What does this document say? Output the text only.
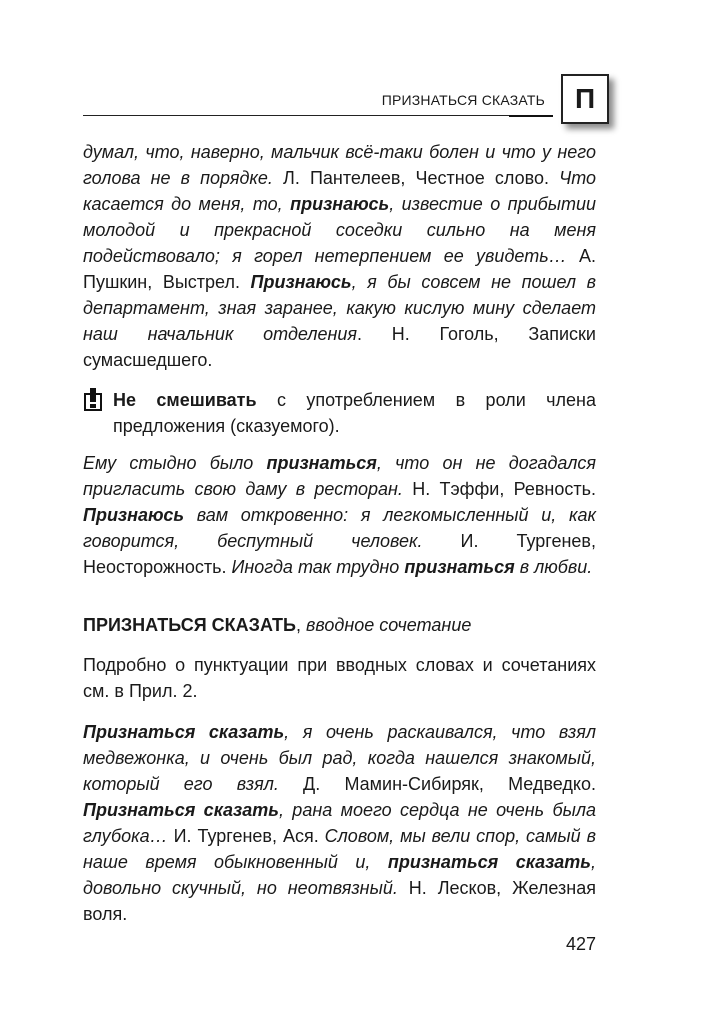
ПРИЗНАТЬСЯ СКАЗАТЬ	П

думал, что, наверно, мальчик всё-таки болен и что у него голова не в порядке. Л. Пантелеев, Честное слово. Что касается до меня, то, признаюсь, известие о прибытии молодой и прекрасной соседки сильно на меня подействовало; я горел нетерпением ее увидеть… А. Пушкин, Выстрел. Признаюсь, я бы совсем не пошел в департамент, зная заранее, какую кислую мину сделает наш начальник отделения. Н. Гоголь, Записки сумасшедшего.

Не смешивать с употреблением в роли члена предложения (сказуемого).

Ему стыдно было признаться, что он не догадался пригласить свою даму в ресторан. Н. Тэффи, Ревность. Признаюсь вам откровенно: я легкомысленный и, как говорится, беспутный человек. И. Тургенев, Неосторожность. Иногда так трудно признаться в любви.

ПРИЗНАТЬСЯ СКАЗАТЬ, вводное сочетание

Подробно о пунктуации при вводных словах и сочетаниях см. в Прил. 2.

Признаться сказать, я очень раскаивался, что взял медвежонка, и очень был рад, когда нашелся знакомый, который его взял. Д. Мамин-Сибиряк, Медведко. Признаться сказать, рана моего сердца не очень была глубока… И. Тургенев, Ася. Словом, мы вели спор, самый в наше время обыкновенный и, признаться сказать, довольно скучный, но неотвязный. Н. Лесков, Железная воля.

427
